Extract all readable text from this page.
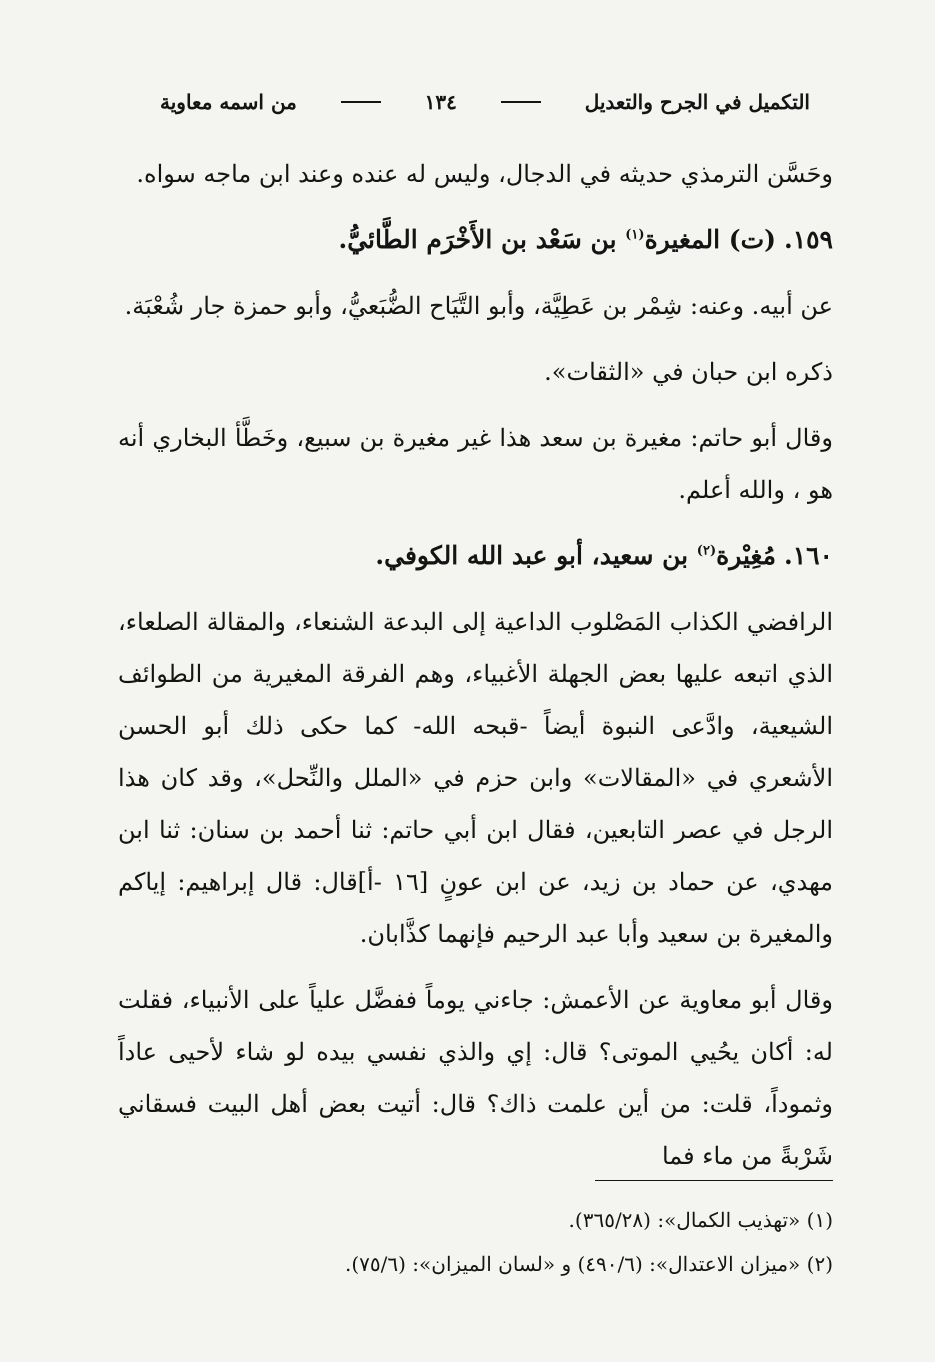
التكميل في الجرح والتعديل
١٣٤
من اسمه معاوية

وحَسَّن الترمذي حديثه في الدجال، وليس له عنده وعند ابن ماجه سواه.

١٥٩.(ت) المغيرة$^{(١)}$ بن سَعْد بن الأَخْرَم الطَّائيُّ.

عن أبيه. وعنه: شِمْر بن عَطِيَّة، وأبو التَّيَاح الضُّبَعيُّ، وأبو حمزة جار شُعْبَة.

ذكره ابن حبان في «الثقات».

وقال أبو حاتم: مغيرة بن سعد هذا غير مغيرة بن سبيع، وخَطَّأ البخاري أنه هو ، والله أعلم.

١٦٠.مُغِيْرة$^{(٢)}$ بن سعيد، أبو عبد الله الكوفي.

الرافضي الكذاب المَصْلوب الداعية إلى البدعة الشنعاء، والمقالة الصلعاء، الذي اتبعه عليها بعض الجهلة الأغبياء، وهم الفرقة المغيرية من الطوائف الشيعية، وادَّعى النبوة أيضاً -قبحه الله- كما حكى ذلك أبو الحسن الأشعري في «المقالات» وابن حزم في «الملل والنِّحل»، وقد كان هذا الرجل في عصر التابعين، فقال ابن أبي حاتم: ثنا أحمد بن سنان: ثنا ابن مهدي، عن حماد بن زيد، عن ابن عونٍ [١٦ -أ]قال: قال إبراهيم: إياكم والمغيرة بن سعيد وأبا عبد الرحيم فإنهما كذَّابان.

وقال أبو معاوية عن الأعمش: جاءني يوماً ففضَّل علياً على الأنبياء، فقلت له: أكان يحُيي الموتى؟ قال: إي والذي نفسي بيده لو شاء لأحيى عاداً وثموداً، قلت: من أين علمت ذاك؟ قال: أتيت بعض أهل البيت فسقاني شَرْبةً من ماء فما

(١) «تهذيب الكمال»: (٣٦٥/٢٨).
(٢) «ميزان الاعتدال»: (٤٩٠/٦) و «لسان الميزان»: (٧٥/٦).
